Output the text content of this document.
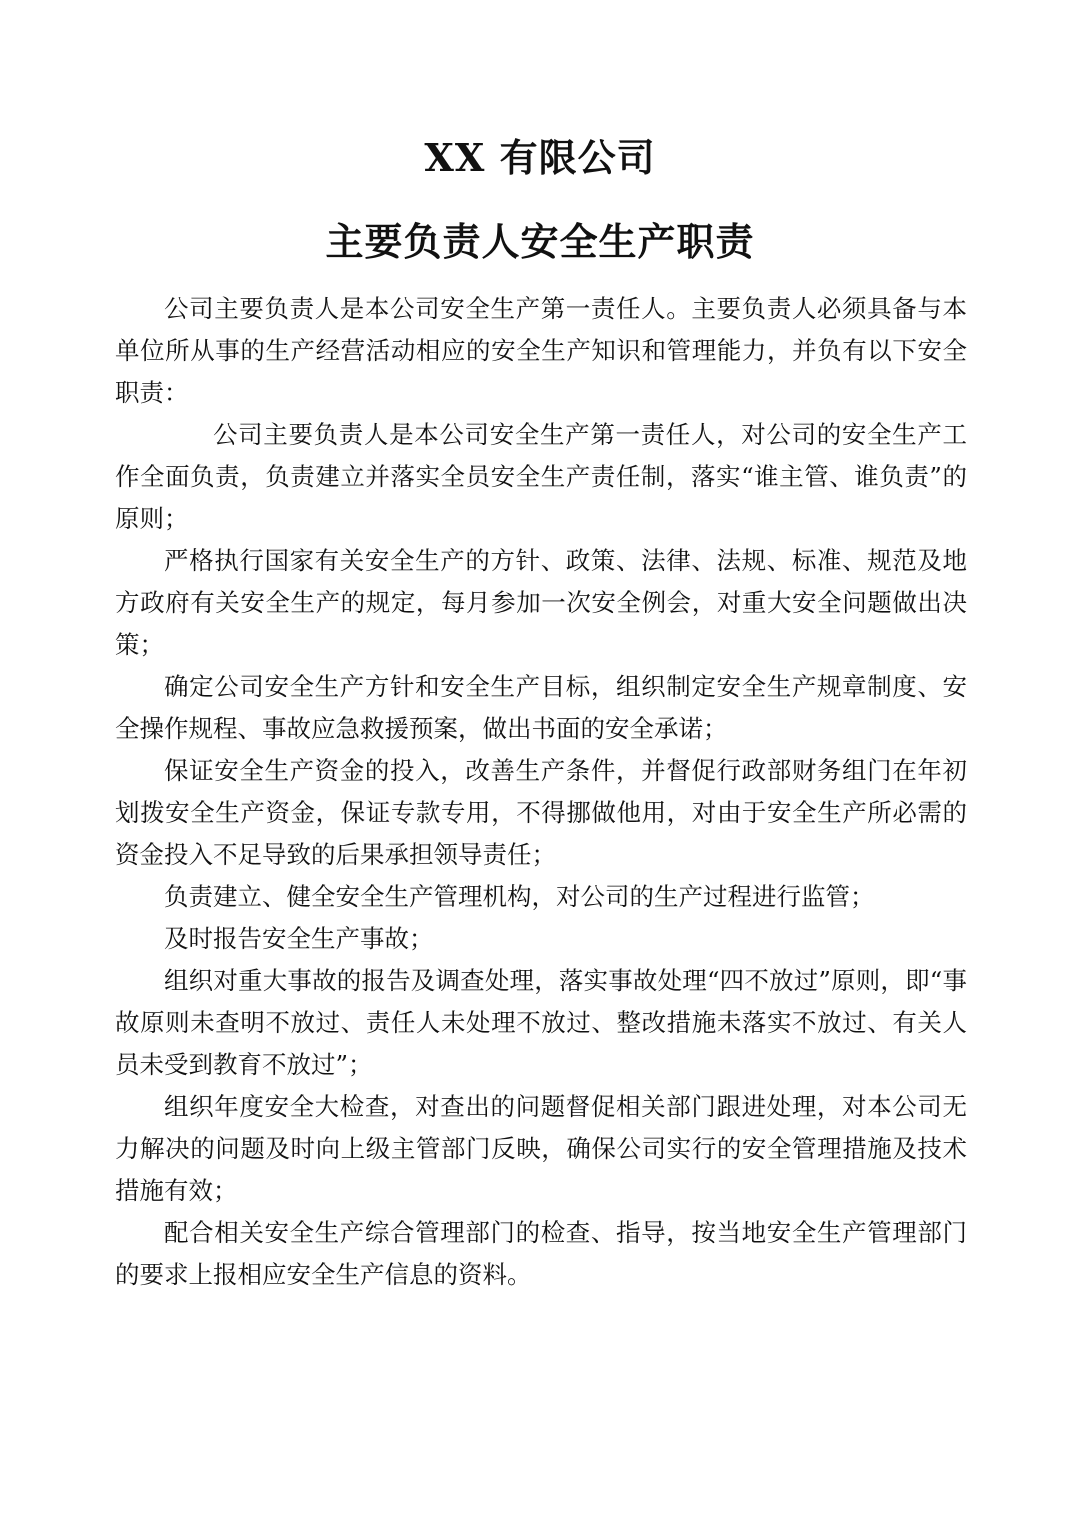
XX 有限公司
主要负责人安全生产职责

公司主要负责人是本公司安全生产第一责任人。主要负责人必须具备与本单位所从事的生产经营活动相应的安全生产知识和管理能力，并负有以下安全职责：

公司主要负责人是本公司安全生产第一责任人，对公司的安全生产工作全面负责，负责建立并落实全员安全生产责任制，落实“谁主管、谁负责”的原则；

严格执行国家有关安全生产的方针、政策、法律、法规、标准、规范及地方政府有关安全生产的规定，每月参加一次安全例会，对重大安全问题做出决策；

确定公司安全生产方针和安全生产目标，组织制定安全生产规章制度、安全操作规程、事故应急救援预案，做出书面的安全承诺；

保证安全生产资金的投入，改善生产条件，并督促行政部财务组门在年初划拨安全生产资金，保证专款专用，不得挪做他用，对由于安全生产所必需的资金投入不足导致的后果承担领导责任；

负责建立、健全安全生产管理机构，对公司的生产过程进行监管；

及时报告安全生产事故；

组织对重大事故的报告及调查处理，落实事故处理“四不放过”原则，即“事故原则未查明不放过、责任人未处理不放过、整改措施未落实不放过、有关人员未受到教育不放过”；

组织年度安全大检查，对查出的问题督促相关部门跟进处理，对本公司无力解决的问题及时向上级主管部门反映，确保公司实行的安全管理措施及技术措施有效；

配合相关安全生产综合管理部门的检查、指导，按当地安全生产管理部门的要求上报相应安全生产信息的资料。
